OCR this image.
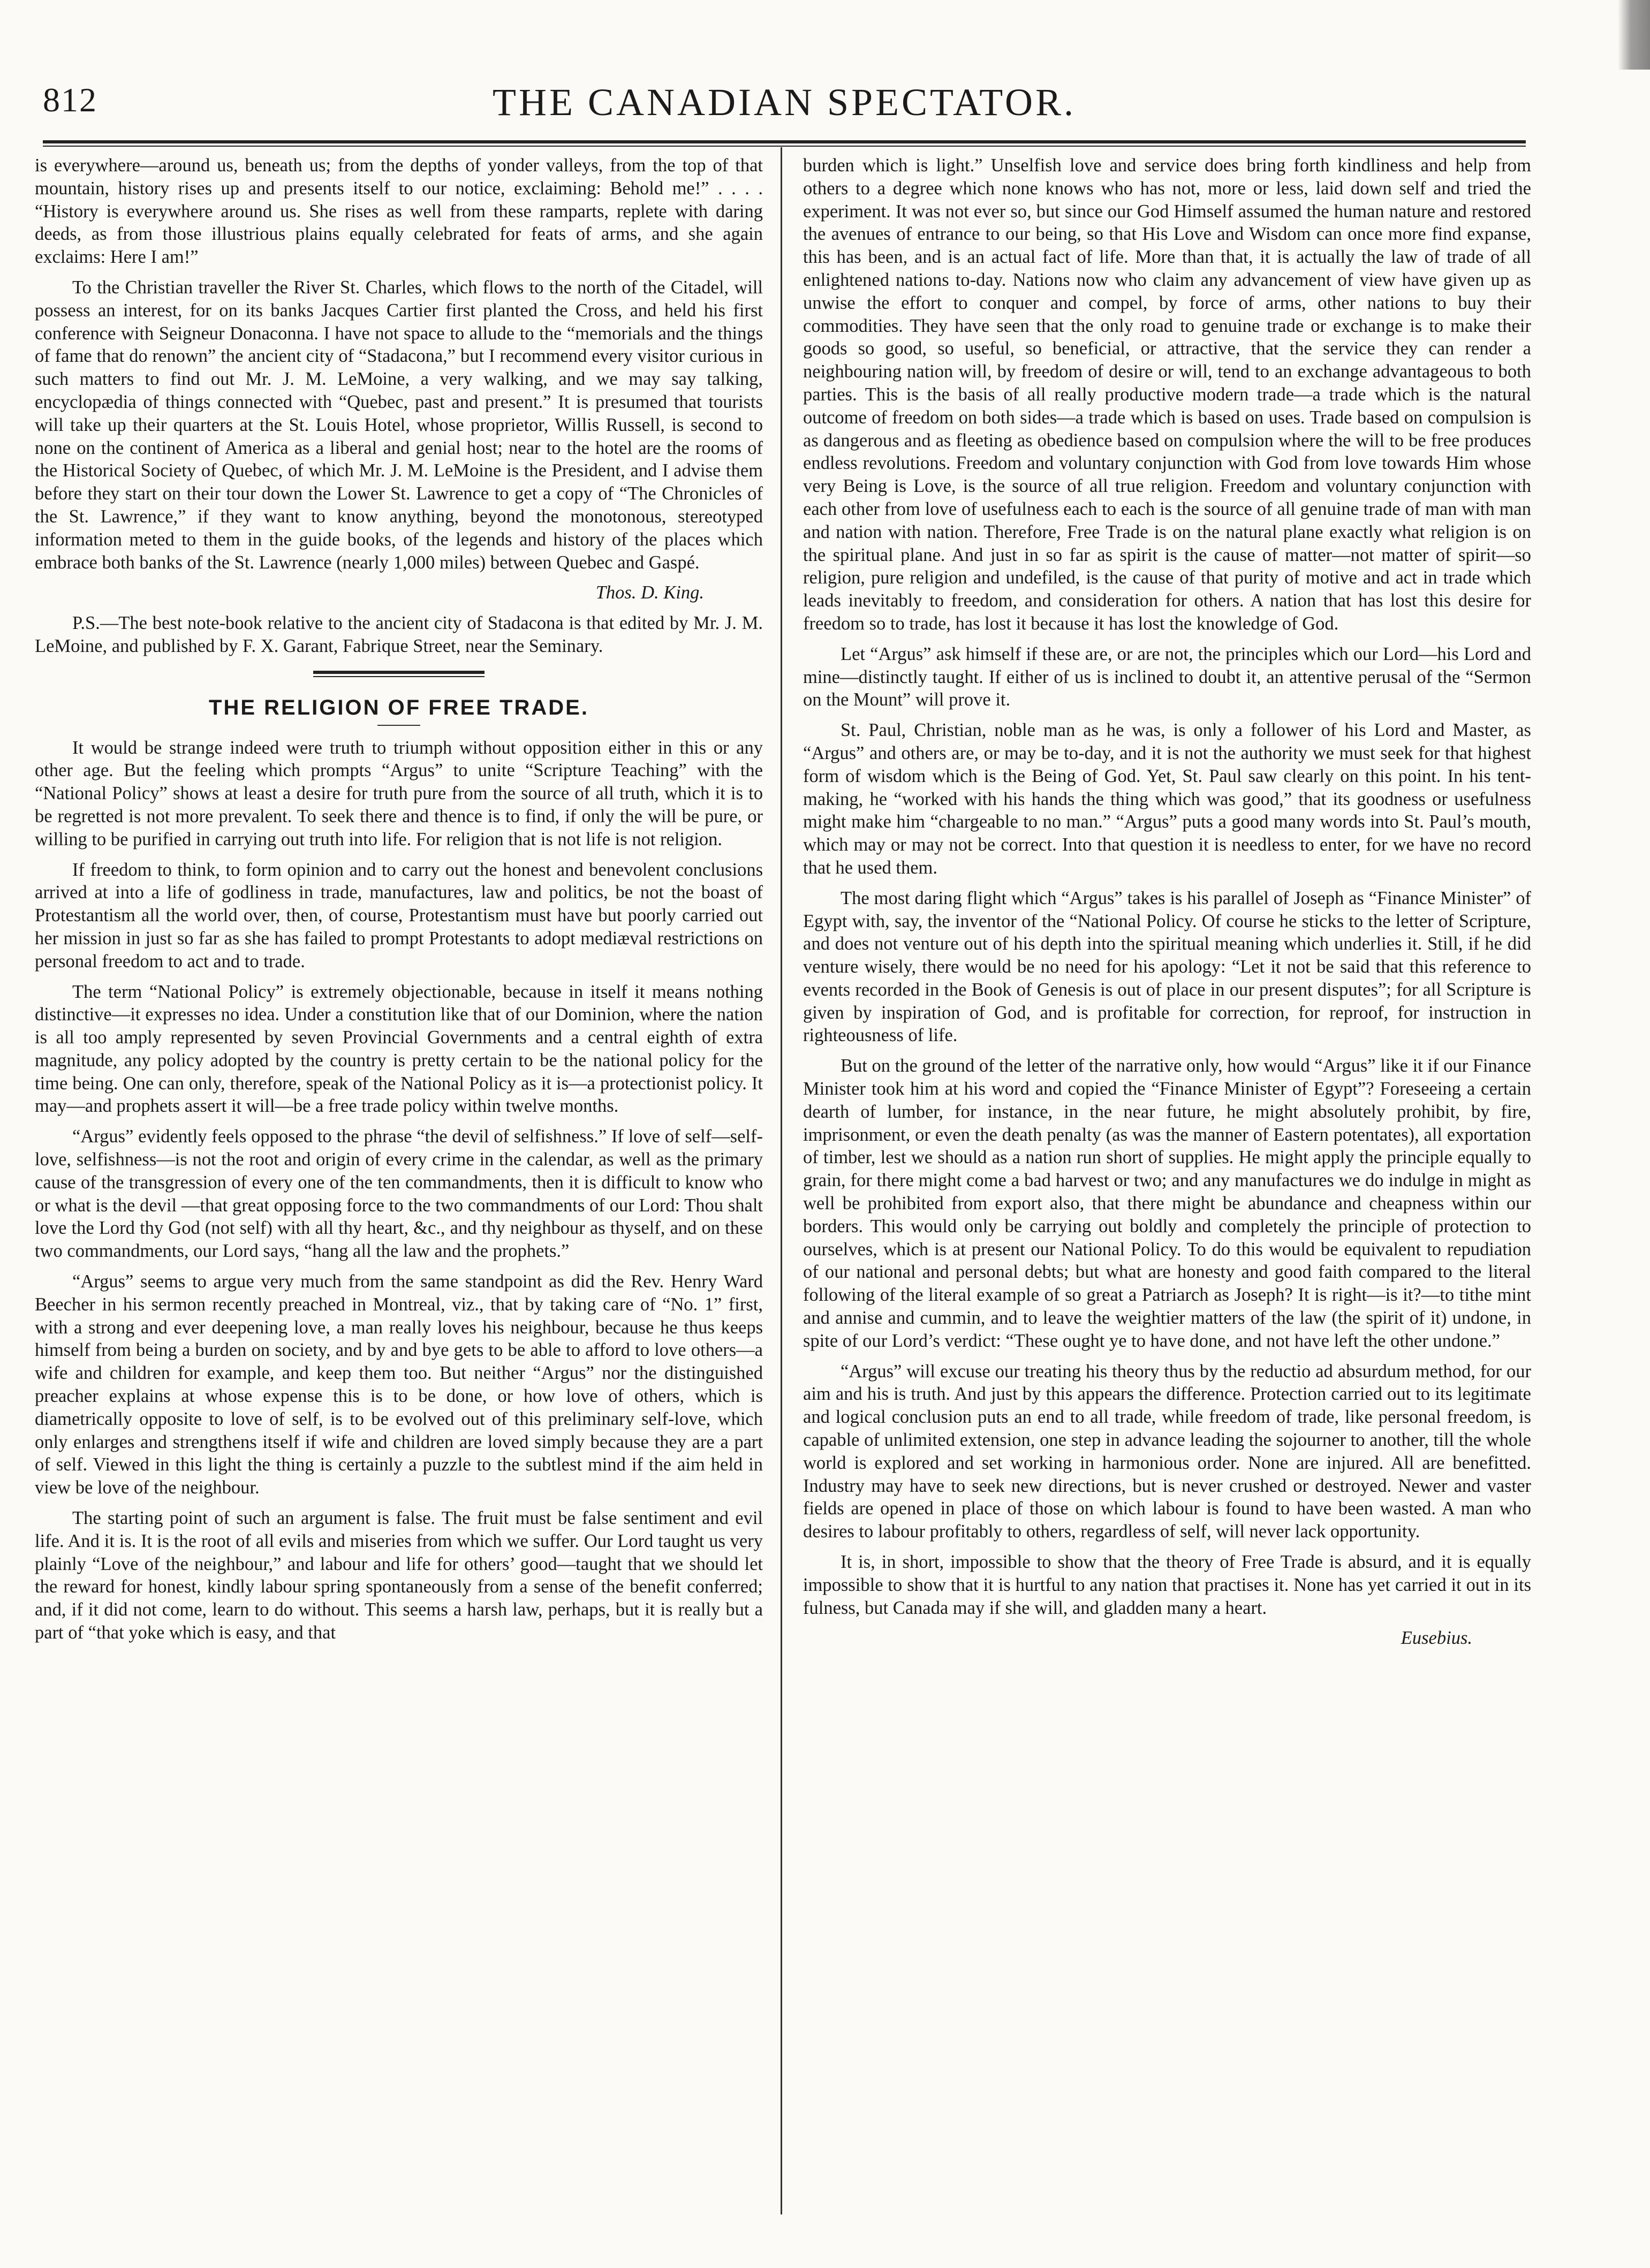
812	THE CANADIAN SPECTATOR.

is everywhere—around us, beneath us; from the depths of yonder valleys, from the top of that mountain, history rises up and presents itself to our notice, exclaiming: Behold me!” . . . . “History is everywhere around us. She rises as well from these ramparts, replete with daring deeds, as from those illustrious plains equally celebrated for feats of arms, and she again exclaims: Here I am!”

To the Christian traveller the River St. Charles, which flows to the north of the Citadel, will possess an interest, for on its banks Jacques Cartier first planted the Cross, and held his first conference with Seigneur Donaconna. I have not space to allude to the “memorials and the things of fame that do renown” the ancient city of “Stadacona,” but I recommend every visitor curious in such matters to find out Mr. J. M. LeMoine, a very walking, and we may say talking, encyclopædia of things connected with “Quebec, past and present.” It is presumed that tourists will take up their quarters at the St. Louis Hotel, whose proprietor, Willis Russell, is second to none on the continent of America as a liberal and genial host; near to the hotel are the rooms of the Historical Society of Quebec, of which Mr. J. M. LeMoine is the President, and I advise them before they start on their tour down the Lower St. Lawrence to get a copy of “The Chronicles of the St. Lawrence,” if they want to know anything, beyond the monotonous, stereotyped information meted to them in the guide books, of the legends and history of the places which embrace both banks of the St. Lawrence (nearly 1,000 miles) between Quebec and Gaspé.

Thos. D. King.

P.S.—The best note-book relative to the ancient city of Stadacona is that edited by Mr. J. M. LeMoine, and published by F. X. Garant, Fabrique Street, near the Seminary.

THE RELIGION OF FREE TRADE.

It would be strange indeed were truth to triumph without opposition either in this or any other age. But the feeling which prompts “Argus” to unite “Scripture Teaching” with the “National Policy” shows at least a desire for truth pure from the source of all truth, which it is to be regretted is not more prevalent. To seek there and thence is to find, if only the will be pure, or willing to be purified in carrying out truth into life. For religion that is not life is not religion.

If freedom to think, to form opinion and to carry out the honest and benevolent conclusions arrived at into a life of godliness in trade, manufactures, law and politics, be not the boast of Protestantism all the world over, then, of course, Protestantism must have but poorly carried out her mission in just so far as she has failed to prompt Protestants to adopt mediæval restrictions on personal freedom to act and to trade.

The term “National Policy” is extremely objectionable, because in itself it means nothing distinctive—it expresses no idea. Under a constitution like that of our Dominion, where the nation is all too amply represented by seven Provincial Governments and a central eighth of extra magnitude, any policy adopted by the country is pretty certain to be the national policy for the time being. One can only, therefore, speak of the National Policy as it is—a protectionist policy. It may—and prophets assert it will—be a free trade policy within twelve months.

“Argus” evidently feels opposed to the phrase “the devil of selfishness.” If love of self—self-love, selfishness—is not the root and origin of every crime in the calendar, as well as the primary cause of the transgression of every one of the ten commandments, then it is difficult to know who or what is the devil —that great opposing force to the two commandments of our Lord: Thou shalt love the Lord thy God (not self) with all thy heart, &c., and thy neighbour as thyself, and on these two commandments, our Lord says, “hang all the law and the prophets.”

“Argus” seems to argue very much from the same standpoint as did the Rev. Henry Ward Beecher in his sermon recently preached in Montreal, viz., that by taking care of “No. 1” first, with a strong and ever deepening love, a man really loves his neighbour, because he thus keeps himself from being a burden on society, and by and bye gets to be able to afford to love others—a wife and children for example, and keep them too. But neither “Argus” nor the distinguished preacher explains at whose expense this is to be done, or how love of others, which is diametrically opposite to love of self, is to be evolved out of this preliminary self-love, which only enlarges and strengthens itself if wife and children are loved simply because they are a part of self. Viewed in this light the thing is certainly a puzzle to the subtlest mind if the aim held in view be love of the neighbour.

The starting point of such an argument is false. The fruit must be false sentiment and evil life. And it is. It is the root of all evils and miseries from which we suffer. Our Lord taught us very plainly “Love of the neighbour,” and labour and life for others’ good—taught that we should let the reward for honest, kindly labour spring spontaneously from a sense of the benefit conferred; and, if it did not come, learn to do without. This seems a harsh law, perhaps, but it is really but a part of “that yoke which is easy, and that

burden which is light.” Unselfish love and service does bring forth kindliness and help from others to a degree which none knows who has not, more or less, laid down self and tried the experiment. It was not ever so, but since our God Himself assumed the human nature and restored the avenues of entrance to our being, so that His Love and Wisdom can once more find expanse, this has been, and is an actual fact of life. More than that, it is actually the law of trade of all enlightened nations to-day. Nations now who claim any advancement of view have given up as unwise the effort to conquer and compel, by force of arms, other nations to buy their commodities. They have seen that the only road to genuine trade or exchange is to make their goods so good, so useful, so beneficial, or attractive, that the service they can render a neighbouring nation will, by freedom of desire or will, tend to an exchange advantageous to both parties. This is the basis of all really productive modern trade—a trade which is the natural outcome of freedom on both sides—a trade which is based on uses. Trade based on compulsion is as dangerous and as fleeting as obedience based on compulsion where the will to be free produces endless revolutions. Freedom and voluntary conjunction with God from love towards Him whose very Being is Love, is the source of all true religion. Freedom and voluntary conjunction with each other from love of usefulness each to each is the source of all genuine trade of man with man and nation with nation. Therefore, Free Trade is on the natural plane exactly what religion is on the spiritual plane. And just in so far as spirit is the cause of matter—not matter of spirit—so religion, pure religion and undefiled, is the cause of that purity of motive and act in trade which leads inevitably to freedom, and consideration for others. A nation that has lost this desire for freedom so to trade, has lost it because it has lost the knowledge of God.

Let “Argus” ask himself if these are, or are not, the principles which our Lord—his Lord and mine—distinctly taught. If either of us is inclined to doubt it, an attentive perusal of the “Sermon on the Mount” will prove it.

St. Paul, Christian, noble man as he was, is only a follower of his Lord and Master, as “Argus” and others are, or may be to-day, and it is not the authority we must seek for that highest form of wisdom which is the Being of God. Yet, St. Paul saw clearly on this point. In his tent-making, he “worked with his hands the thing which was good,” that its goodness or usefulness might make him “chargeable to no man.” “Argus” puts a good many words into St. Paul’s mouth, which may or may not be correct. Into that question it is needless to enter, for we have no record that he used them.

The most daring flight which “Argus” takes is his parallel of Joseph as “Finance Minister” of Egypt with, say, the inventor of the “National Policy. Of course he sticks to the letter of Scripture, and does not venture out of his depth into the spiritual meaning which underlies it. Still, if he did venture wisely, there would be no need for his apology: “Let it not be said that this reference to events recorded in the Book of Genesis is out of place in our present disputes”; for all Scripture is given by inspiration of God, and is profitable for correction, for reproof, for instruction in righteousness of life.

But on the ground of the letter of the narrative only, how would “Argus” like it if our Finance Minister took him at his word and copied the “Finance Minister of Egypt”? Foreseeing a certain dearth of lumber, for instance, in the near future, he might absolutely prohibit, by fire, imprisonment, or even the death penalty (as was the manner of Eastern potentates), all exportation of timber, lest we should as a nation run short of supplies. He might apply the principle equally to grain, for there might come a bad harvest or two; and any manufactures we do indulge in might as well be prohibited from export also, that there might be abundance and cheapness within our borders. This would only be carrying out boldly and completely the principle of protection to ourselves, which is at present our National Policy. To do this would be equivalent to repudiation of our national and personal debts; but what are honesty and good faith compared to the literal following of the literal example of so great a Patriarch as Joseph? It is right—is it?—to tithe mint and annise and cummin, and to leave the weightier matters of the law (the spirit of it) undone, in spite of our Lord’s verdict: “These ought ye to have done, and not have left the other undone.”

“Argus” will excuse our treating his theory thus by the reductio ad absurdum method, for our aim and his is truth. And just by this appears the difference. Protection carried out to its legitimate and logical conclusion puts an end to all trade, while freedom of trade, like personal freedom, is capable of unlimited extension, one step in advance leading the sojourner to another, till the whole world is explored and set working in harmonious order. None are injured. All are benefitted. Industry may have to seek new directions, but is never crushed or destroyed. Newer and vaster fields are opened in place of those on which labour is found to have been wasted. A man who desires to labour profitably to others, regardless of self, will never lack opportunity.

It is, in short, impossible to show that the theory of Free Trade is absurd, and it is equally impossible to show that it is hurtful to any nation that practises it. None has yet carried it out in its fulness, but Canada may if she will, and gladden many a heart.

Eusebius.
